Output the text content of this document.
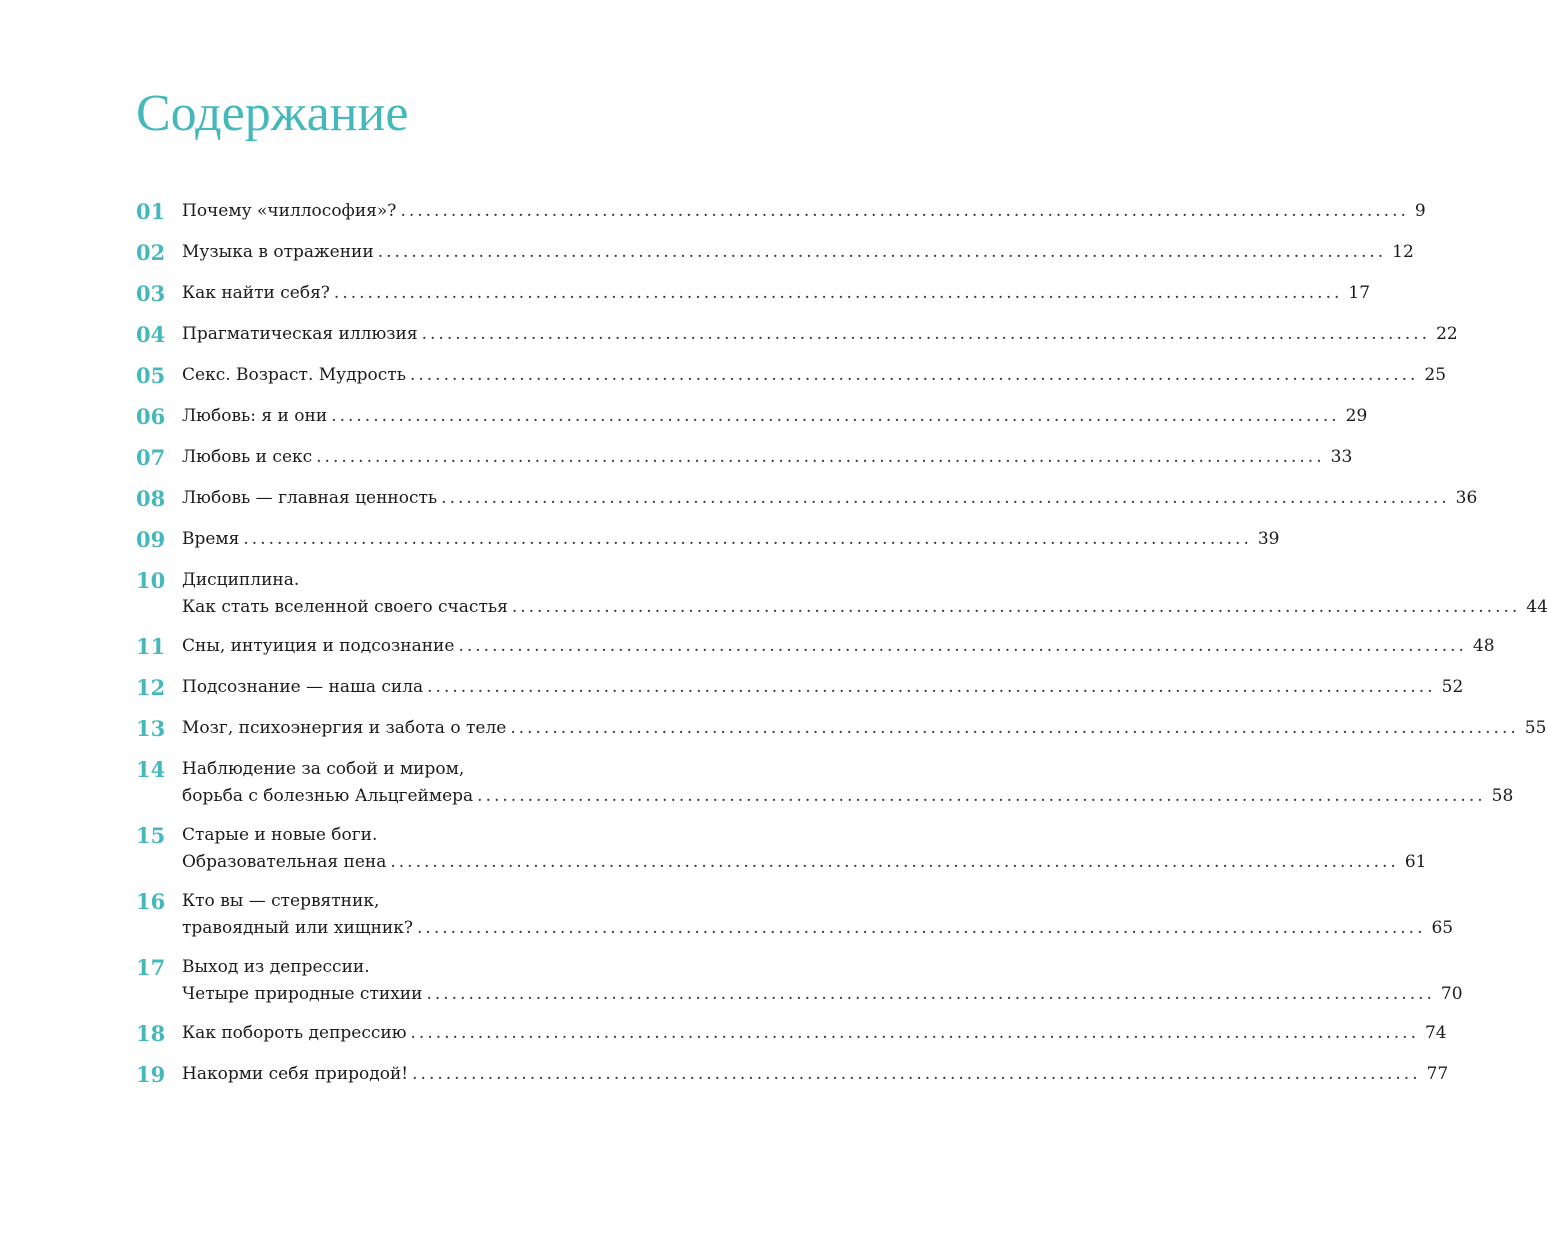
Содержание
01 Почему «чиллософия»? ........................................................................................................................ 9
02 Музыка в отражении ........................................................................................................................ 12
03 Как найти себя? ........................................................................................................................ 17
04 Прагматическая иллюзия ........................................................................................................................ 22
05 Секс. Возраст. Мудрость ........................................................................................................................ 25
06 Любовь: я и они ........................................................................................................................ 29
07 Любовь и секс ........................................................................................................................ 33
08 Любовь — главная ценность ........................................................................................................................ 36
09 Время ........................................................................................................................ 39
10 Дисциплина.
Как стать вселенной своего счастья ........................................................................................................................ 44
11 Сны, интуиция и подсознание ........................................................................................................................ 48
12 Подсознание — наша сила ........................................................................................................................ 52
13 Мозг, психоэнергия и забота о теле ........................................................................................................................ 55
14 Наблюдение за собой и миром,
борьба с болезнью Альцгеймера ........................................................................................................................ 58
15 Старые и новые боги.
Образовательная пена ........................................................................................................................ 61
16 Кто вы — стервятник,
травоядный или хищник? ........................................................................................................................ 65
17 Выход из депрессии.
Четыре природные стихии ........................................................................................................................ 70
18 Как побороть депрессию ........................................................................................................................ 74
19 Накорми себя природой! ........................................................................................................................ 77
